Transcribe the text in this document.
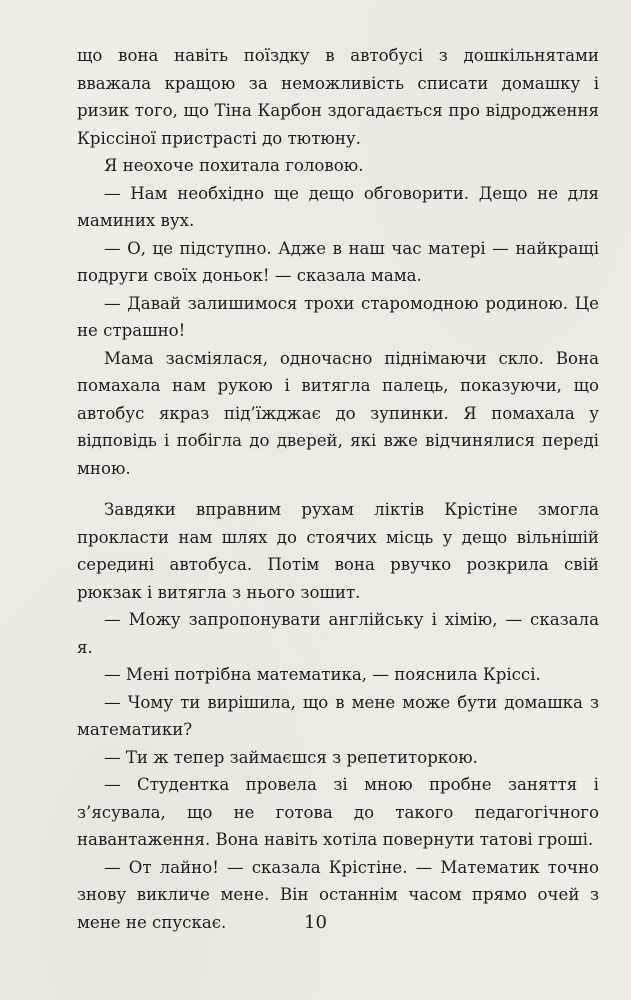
що вона навіть поїздку в автобусі з дошкільнятами вважала кращою за неможливість списати домашку і ризик того, що Тіна Карбон здогадається про відродження Кріссіної пристрасті до тютюну.

Я неохоче похитала головою.

— Нам необхідно ще дещо обговорити. Дещо не для маминих вух.

— О, це підступно. Адже в наш час матері — найкращі подруги своїх доньок! — сказала мама.

— Давай залишимося трохи старомодною родиною. Це не страшно!

Мама засміялася, одночасно піднімаючи скло. Вона помахала нам рукою і витягла палець, показуючи, що автобус якраз під’їжджає до зупинки. Я помахала у відповідь і побігла до дверей, які вже відчинялися переді мною.

Завдяки вправним рухам ліктів Крістіне змогла прокласти нам шлях до стоячих місць у дещо вільнішій середині автобуса. Потім вона рвучко розкрила свій рюкзак і витягла з нього зошит.

— Можу запропонувати англійську і хімію, — сказала я.

— Мені потрібна математика, — пояснила Кріссі.

— Чому ти вирішила, що в мене може бути домашка з математики?

— Ти ж тепер займаєшся з репетиторкою.

— Студентка провела зі мною пробне заняття і з’ясувала, що не готова до такого педагогічного навантаження. Вона навіть хотіла повернути татові гроші.

— От лайно! — сказала Крістіне. — Математик точно знову викличе мене. Він останнім часом прямо очей з мене не спускає.	10
